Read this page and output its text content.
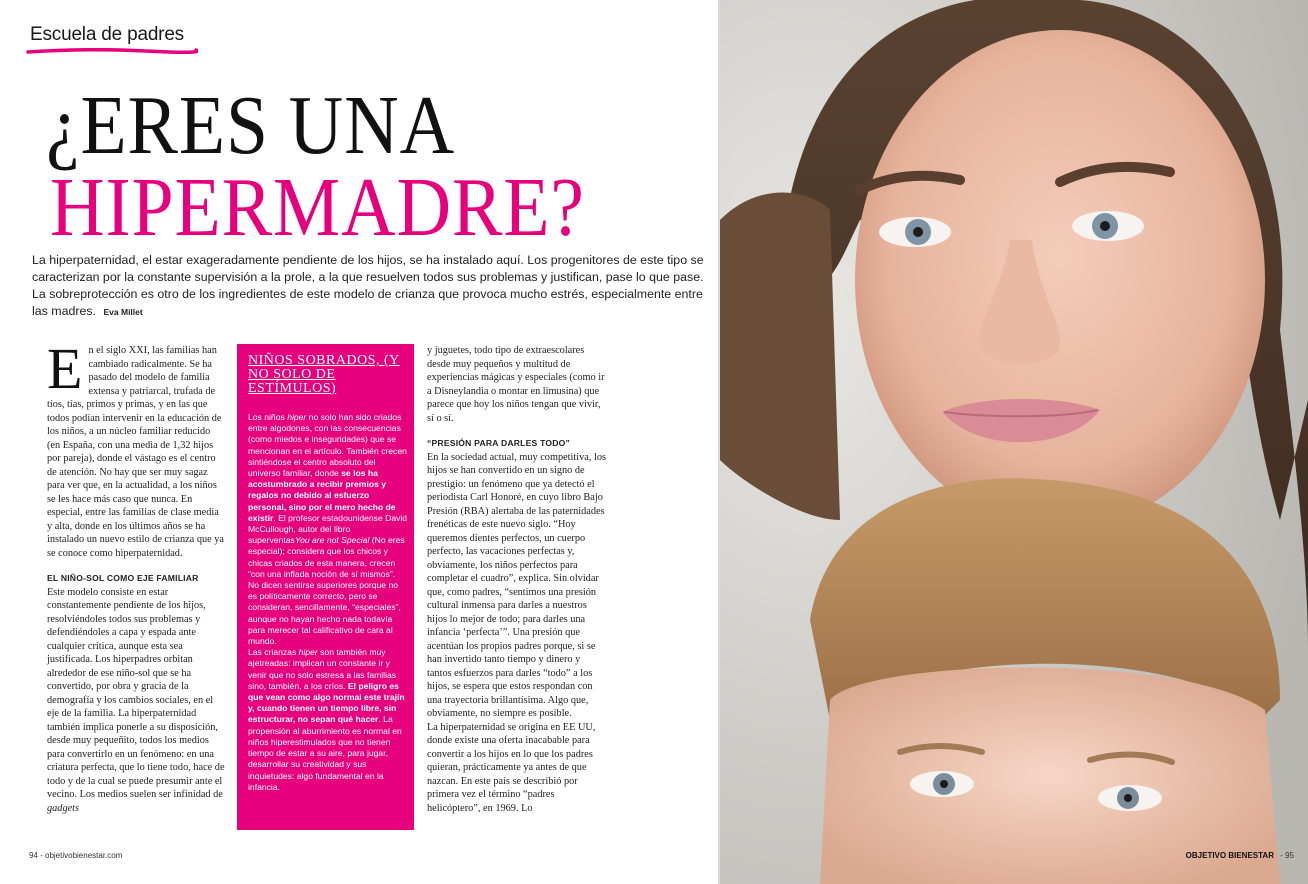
Escuela de padres
¿ERES UNA
HIPERMADRE?
La hiperpaternidad, el estar exageradamente pendiente de los hijos, se ha instalado aquí. Los progenitores de este tipo se caracterizan por la constante supervisión a la prole, a la que resuelven todos sus problemas y justifican, pase lo que pase. La sobreprotección es otro de los ingredientes de este modelo de crianza que provoca mucho estrés, especialmente entre las madres. Eva Millet

En el siglo XXI, las familias han cambiado radicalmente. Se ha pasado del modelo de familia extensa y patriarcal, trufada de tíos, tías, primos y primas, y en las que todos podían intervenir en la educación de los niños, a un núcleo familiar reducido (en España, con una media de 1,32 hijos por pareja), donde el vástago es el centro de atención. No hay que ser muy sagaz para ver que, en la actualidad, a los niños se les hace más caso que nunca. En especial, entre las familias de clase media y alta, donde en los últimos años se ha instalado un nuevo estilo de crianza que ya se conoce como hiperpaternidad.

EL NIÑO-SOL COMO EJE FAMILIAR

Este modelo consiste en estar constantemente pendiente de los hijos, resolviéndoles todos sus problemas y defendiéndoles a capa y espada ante cualquier crítica, aunque esta sea justificada. Los hiperpadres orbitan alrededor de ese niño-sol que se ha convertido, por obra y gracia de la demografía y los cambios sociales, en el eje de la familia. La hiperpaternidad también implica ponerle a su disposición, desde muy pequeñito, todos los medios para convertirlo en un fenómeno: en una criatura perfecta, que lo tiene todo, hace de todo y de la cual se puede presumir ante el vecino. Los medios suelen ser infinidad de gadgets

NIÑOS SOBRADOS, (Y NO SOLO DE ESTÍMULOS)

Los niños hiper no solo han sido criados entre algodones, con las consecuencias (como miedos e inseguridades) que se mencionan en el artículo. También crecen sintiéndose el centro absoluto del universo familiar, donde se los ha acostumbrado a recibir premios y regalos no debido al esfuerzo personal, sino por el mero hecho de existir. El profesor estadounidense David McCullough, autor del libro superventasYou are not Special (No eres especial); considera que los chicos y chicas criados de esta manera, crecen “con una inflada noción de sí mismos”. No dicen sentirse superiores porque no es políticamente correcto, pero se consideran, sencillamente, “especiales”, aunque no hayan hecho nada todavía para merecer tal calificativo de cara al mundo.

Las crianzas hiper son también muy ajetreadas: implican un constante ir y venir que no solo estresa a las familias sino, también, a los críos. El peligro es que vean como algo normal este trajín y, cuando tienen un tiempo libre, sin estructurar, no sepan qué hacer. La propensión al aburrimiento es normal en niños hiperestimulados que no tienen tiempo de estar a su aire, para jugar, desarrollar su creatividad y sus inquietudes: algo fundamental en la infancia.

y juguetes, todo tipo de extraescolares desde muy pequeños y multitud de experiencias mágicas y especiales (como ir a Disneylandia o montar en limusina) que parece que hoy los niños tengan que vivir, sí o sí.

“PRESIÓN PARA DARLES TODO”

En la sociedad actual, muy competitiva, los hijos se han convertido en un signo de prestigio: un fenómeno que ya detectó el periodista Carl Honoré, en cuyo libro Bajo Presión (RBA) alertaba de las paternidades frenéticas de este nuevo siglo. “Hoy queremos dientes perfectos, un cuerpo perfecto, las vacaciones perfectas y, obviamente, los niños perfectos para completar el cuadro”, explica. Sin olvidar que, como padres, “sentimos una presión cultural inmensa para darles a nuestros hijos lo mejor de todo; para darles una infancia ‘perfecta’”. Una presión que acentúan los propios padres porque, si se han invertido tanto tiempo y dinero y tantos esfuerzos para darles “todo” a los hijos, se espera que estos respondan con una trayectoria brillantísima. Algo que, obviamente, no siempre es posible.

La hiperpaternidad se origina en EE UU, donde existe una oferta inacabable para convertir a los hijos en lo que los padres quieran, prácticamente ya antes de que nazcan. En este país se describió por primera vez el término “padres helicóptero”, en 1969. Lo

94 - objetivobienestar.com	OBJETIVO BIENESTAR - 95
